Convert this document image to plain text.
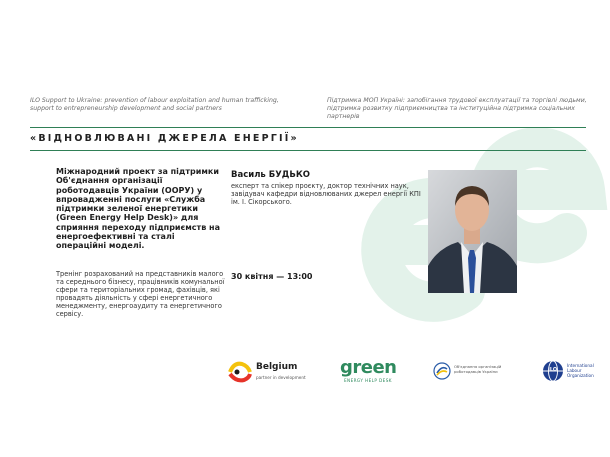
ILO Support to Ukraine: prevention of labour exploitation and human trafficking, support to entrepreneurship development and social partners
Підтримка МОП Україні: запобігання трудової експлуатації та торгівлі людьми, підтримка розвитку підприємництва та інституційна підтримка соціальних партнерів
«ВІДНОВЛЮВАНІ ДЖЕРЕЛА ЕНЕРГІЇ»
Міжнародний проект за підтримки Об'єднання організації роботодавців України (ООРУ) у впровадженні послуги «Служба підтримки зеленої енергетики (Green Energy Help Desk)» для сприяння переходу підприємств на енергоефективні та сталі операційні моделі.
Тренінг розрахований на представників малого та середнього бізнесу, працівників комунальної сфери та територіальних громад, фахівців, які провадять діяльність у сфері енергетичного менеджменту, енергоаудиту та енергетичного сервісу.
Василь БУДЬКО
експерт та спікер проєкту, доктор технічних наук, завідувач кафедри відновлюваних джерел енергії КПІ ім. І. Сікорського.
30 квітня — 13:00
Belgium
partner in development	green
ENERGY HELP DESK
Об'єднання організацій роботодавців України	ILO
International Labour Organization
